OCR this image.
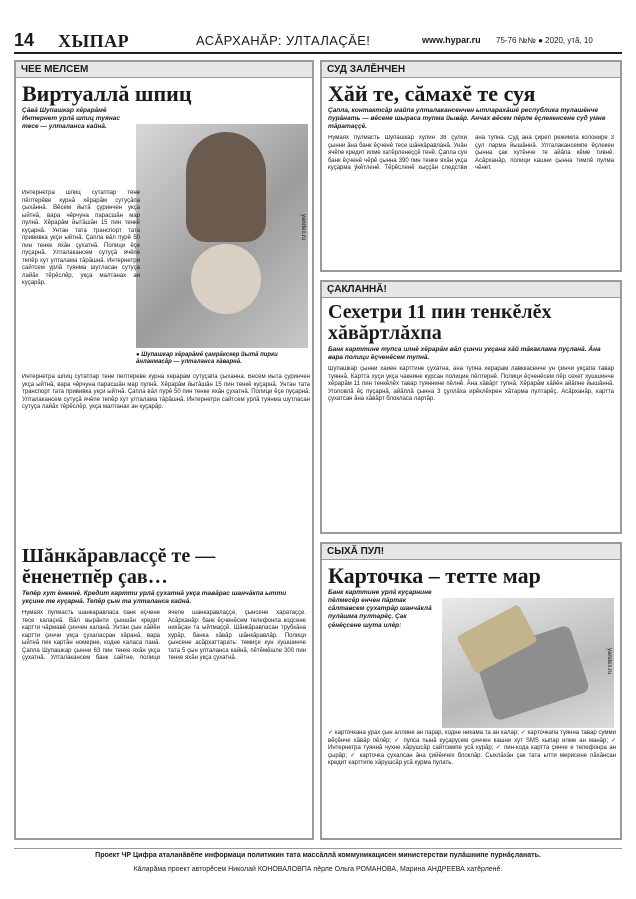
14 ХЫПАР	АСĂРХАНĂР: УЛТАЛАÇĂЕ!	www.hypar.ru 75-76 №№ ● 2020, утă, 10
ЧЕЕ МЕЛСЕМ
Виртуаллă шпиц
Çăвă Шупашкар хĕрарăмĕ Интернет урлă шпиц туянас тесе — улталанса кайнă.
yandex.ru
● Шупашкар хĕрарăмĕ çамрăкскер йытă пирки ăнланмасăр — улталанса хăварнă.
Интернетра шпиц сутатпăр тенĕ пĕлтерĕве курнă хĕрарăм сутуçăпа çыхăннă. Вĕсем йытă çуринчен укçа ыйтнă, вара чĕрчуна парасшăн мар пулнă. Хĕрарăм йытăшăн 15 пин тенкĕ куçарнă. Унтан тата транспорт тата прививка укçи ыйтнă. Çапла вăл пурĕ 50 пин тенке яхăн çухатнă. Полици ĕçе пуçарнă. Улталакансем сутуçă ячĕпе тепĕр хут улталама тăрăшнă. Интернетри сайтсем урлă туянма шутласан сутуçа лайăх тĕрĕслĕр, укçа малтанах ан куçарăр.
Интернетра шпиц сутатпăр тенĕ пĕлтерĕве курнă хĕрарăм сутуçăпа çыхăннă. Вĕсем йытă çуринчен укçа ыйтнă, вара чĕрчуна парасшăн мар пулнă. Хĕрарăм йытăшăн 15 пин тенкĕ куçарнă. Унтан тата транспорт тата прививка укçи ыйтнă. Çапла вăл пурĕ 50 пин тенке яхăн çухатнă. Полици ĕçе пуçарнă. Улталакансем сутуçă ячĕпе тепĕр хут улталама тăрăшнă. Интернетри сайтсем урлă туянма шутласан сутуçа лайăх тĕрĕслĕр, укçа малтанах ан куçарăр.
Шăнкăравласçĕ те — ĕненетпĕр çав…
Тепĕр хут ĕненнĕ. Кредит картти урлă çухатнă укçа тавăрас шанчăкпа ытти укçине те куçарнă. Тепĕр çын та улталанса кайнă.
Нумаях пулмасть шăнкăравласа банк ĕçченĕ тесе калаçнă. Вăл вырăнти çыншăн кредит картти чăрмавĕ çинчен каланă. Унтан çын хăйĕн картти çинчи укçа çухаласран хăранă, вара ыйтнă пек картăн номерне, кодне каласа панă. Çапла Шупашкар çынни 63 пин тенке яхăн укçа çухатнă. Улталакансем банк сайтне, полици ячĕпе шăнкăравлаççĕ, çынсене хăратаççĕ. Асăрханăр: банк ĕçченĕсем телефонпа кодсене нихăçан та ыйтмаççĕ. Шăнкăравласан трубкăна хурăр, банка хăвăр шăнкăравлăр. Полици çынсене асăрхаттарать: темиçе кун хушшинче тата 5 çын улталанса кайнă, пĕтĕмĕшле 300 пин тенке яхăн укçа çухатнă.
СУД ЗАЛĔНЧЕН
Хăй те, сăмахĕ те суя
Çапла, контактсăр майпа улталакансенчен ытларахăшĕ республика тулашĕнче пурăнать — вĕсене шыраса тупма йывăр. Анчах вĕсем пĕрле ĕçлекенсене суд умне тăратаççĕ.
Нумаях пулмасть Шупашкар хулин 38 çулхи çынни ăна банк ĕçченĕ тесе шăнкăравланă. Унăн ячĕпе кредит илме хатĕрленеççĕ тенĕ. Çапла суя банк ĕçченĕ чĕрĕ çынна 390 пин тенке яхăн укçа куçарма ӳкĕтленĕ. Тĕрĕсленĕ хыççăн следстви ăна тупнă. Суд ăна çирĕп режимлă колонире 3 çул ларма йышăннă. Улталакансемпе ĕçлекен çынна çак хутĕнче те айăпа кĕме тивнĕ. Асăрханăр, полици кашни çынна тимлĕ пулма чĕнет.
ÇАКЛАННĂ!
Сехетри 11 пин тенкĕлĕх хăвăртлăхпа
Банк карттине тупса илнĕ хĕрарăм вăл çинчи укçана хăй тăкаклама пуçланă. Ăна вара полици ĕçченĕсем тупнă.
Шупашкар çынни хăйĕн карттине çухатнă, ăна тупнă хĕрарăм лавккасенче ун çинчи укçапа тавар туяннă. Картта хуçи укçа чакнине курсан полицие пĕлтернĕ. Полици ĕçченĕсем пĕр сехет хушшинче хĕрарăм 11 пин тенкĕлĕх тавар туяннине пĕлнĕ. Ăна хăвăрт тупнă. Хĕрарăм хăйĕн айăпне йышăннă. Уголовлă ĕç пуçарнă, айăплă çынна 3 çуллăха ирĕклĕхрен хăтарма пултарĕç. Асăрханăр, картта çухатсан ăна хăвăрт блокласа лартăр.
СЫХĂ ПУЛ!
Карточка – тетте мар
Банк карттине урлă куçарнине пĕлмесĕр енчен пăртак сăлтавсем çухатрăр шанчăклă пулăшма пултарĕç. Çак çĕнĕçсене шута илĕр:
yandex.ru
✓ карточкăна урăх çын аллине ан парăр, кодне никама та ан калăр; ✓ карточкăпа туяннă тавар сумми вĕçĕнче хăвăр пĕлĕр; ✓ пулса пынă куçарусем çинчен кашни хут SMS хыпар илме ан манăр; ✓ Интернетра туяннă чухне хăрушсăр сайтсемпе усă курăр; ✓ пин-кода картта çинче е телефонра ан çырăр; ✓ карточка çухалсан ăна çийĕнчех блоклăр. Сыхлăхăн çак тата ытти мерисене пăхăнсан кредит карттипе хăрушсăр усă курма пулать.
Проект ЧР Цифра аталанăвĕпе информаци политикин тата массăллă коммуникацисен министерстви пулăшнипе пурнăçланать.
Кăларăма проект авторĕсем Николай КОНОВАЛОВПА пĕрле Ольга РОМАНОВА, Марина АНДРЕЕВА хатĕрленĕ.
